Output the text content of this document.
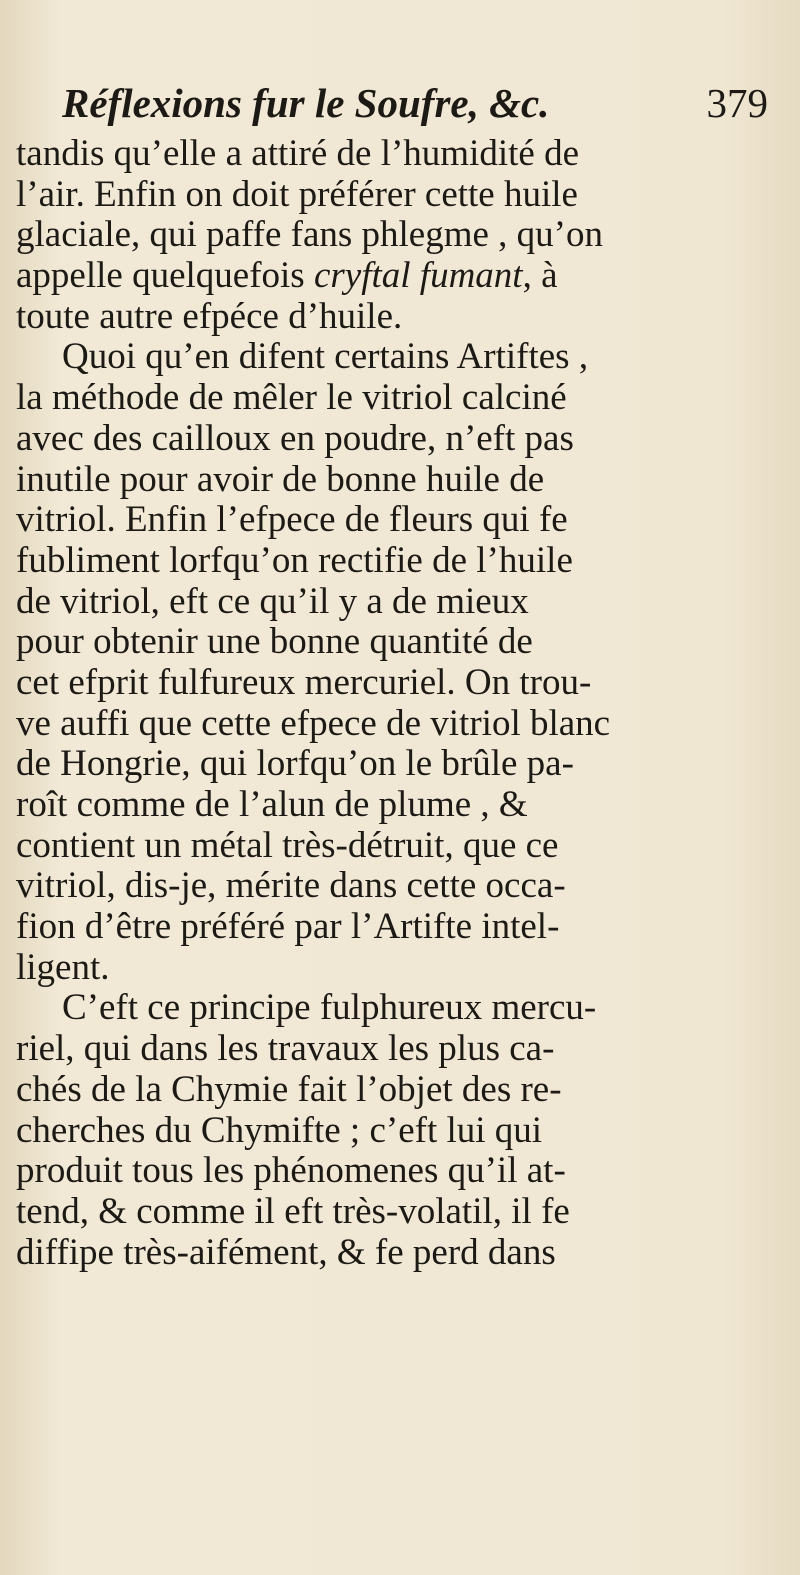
Réflexions fur le Soufre, &c.	379
tandis qu’elle a attiré de l’humidité de
l’air. Enfin on doit préférer cette huile
glaciale, qui paffe fans phlegme , qu’on
appelle quelquefois cryftal fumant, à
toute autre efpéce d’huile.
Quoi qu’en difent certains Artiftes ,
la méthode de mêler le vitriol calciné
avec des cailloux en poudre, n’eft pas
inutile pour avoir de bonne huile de
vitriol. Enfin l’efpece de fleurs qui fe
fubliment lorfqu’on rectifie de l’huile
de vitriol, eft ce qu’il y a de mieux
pour obtenir une bonne quantité de
cet efprit fulfureux mercuriel. On trou-
ve auffi que cette efpece de vitriol blanc
de Hongrie, qui lorfqu’on le brûle pa-
roît comme de l’alun de plume , &
contient un métal très-détruit, que ce
vitriol, dis-je, mérite dans cette occa-
fion d’être préféré par l’Artifte intel-
ligent.
C’eft ce principe fulphureux mercu-
riel, qui dans les travaux les plus ca-
chés de la Chymie fait l’objet des re-
cherches du Chymifte ; c’eft lui qui
produit tous les phénomenes qu’il at-
tend, & comme il eft très-volatil, il fe
diffipe très-aifément, & fe perd dans
